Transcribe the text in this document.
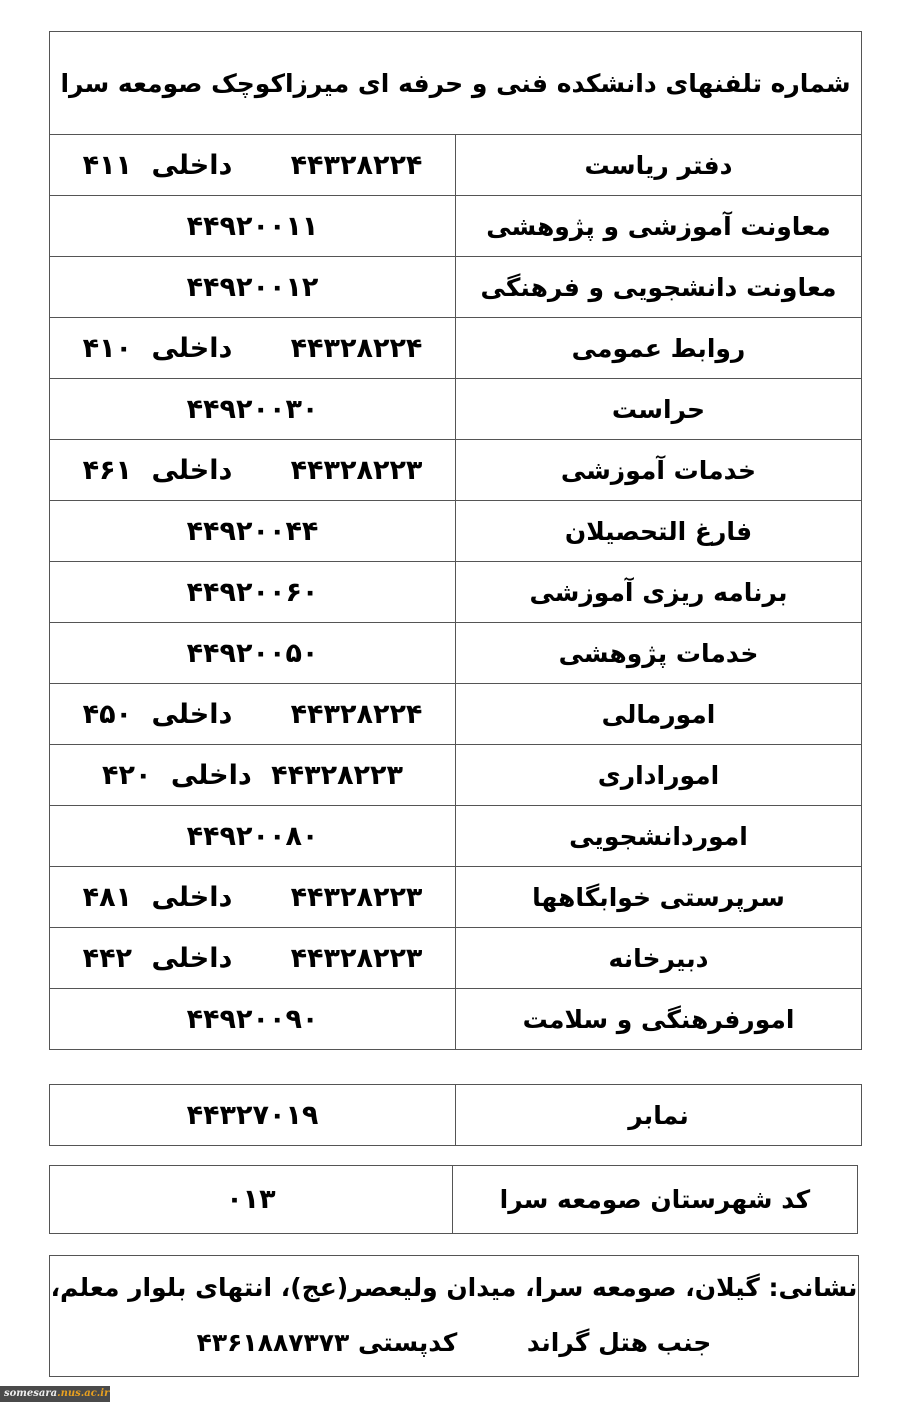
شماره تلفنهای دانشکده فنی و حرفه ای میرزاکوچک صومعه سرا
دفتر ریاست	۴۴۳۲۸۲۲۴   داخلی ۴۱۱
معاونت آموزشی و پژوهشی	۴۴۹۲۰۰۱۱
معاونت دانشجویی و فرهنگی	۴۴۹۲۰۰۱۲
روابط عمومی	۴۴۳۲۸۲۲۴   داخلی ۴۱۰
حراست	۴۴۹۲۰۰۳۰
خدمات آموزشی	۴۴۳۲۸۲۲۳   داخلی ۴۶۱
فارغ التحصیلان	۴۴۹۲۰۰۴۴
برنامه ریزی آموزشی	۴۴۹۲۰۰۶۰
خدمات پژوهشی	۴۴۹۲۰۰۵۰
امورمالی	۴۴۳۲۸۲۲۴   داخلی ۴۵۰
اموراداری	۴۴۳۲۸۲۲۳ داخلی ۴۲۰
اموردانشجویی	۴۴۹۲۰۰۸۰
سرپرستی خوابگاهها	۴۴۳۲۸۲۲۳   داخلی ۴۸۱
دبیرخانه	۴۴۳۲۸۲۲۳   داخلی ۴۴۲
امورفرهنگی و سلامت	۴۴۹۲۰۰۹۰
نمابر	۴۴۳۲۷۰۱۹
کد شهرستان صومعه سرا	۰۱۳
نشانی: گیلان، صومعه سرا، میدان ولیعصر(عج)، انتهای بلوار معلم،
جنب هتل گراند        کدپستی ۴۳۶۱۸۸۷۳۷۳
somesara.nus.ac.ir
